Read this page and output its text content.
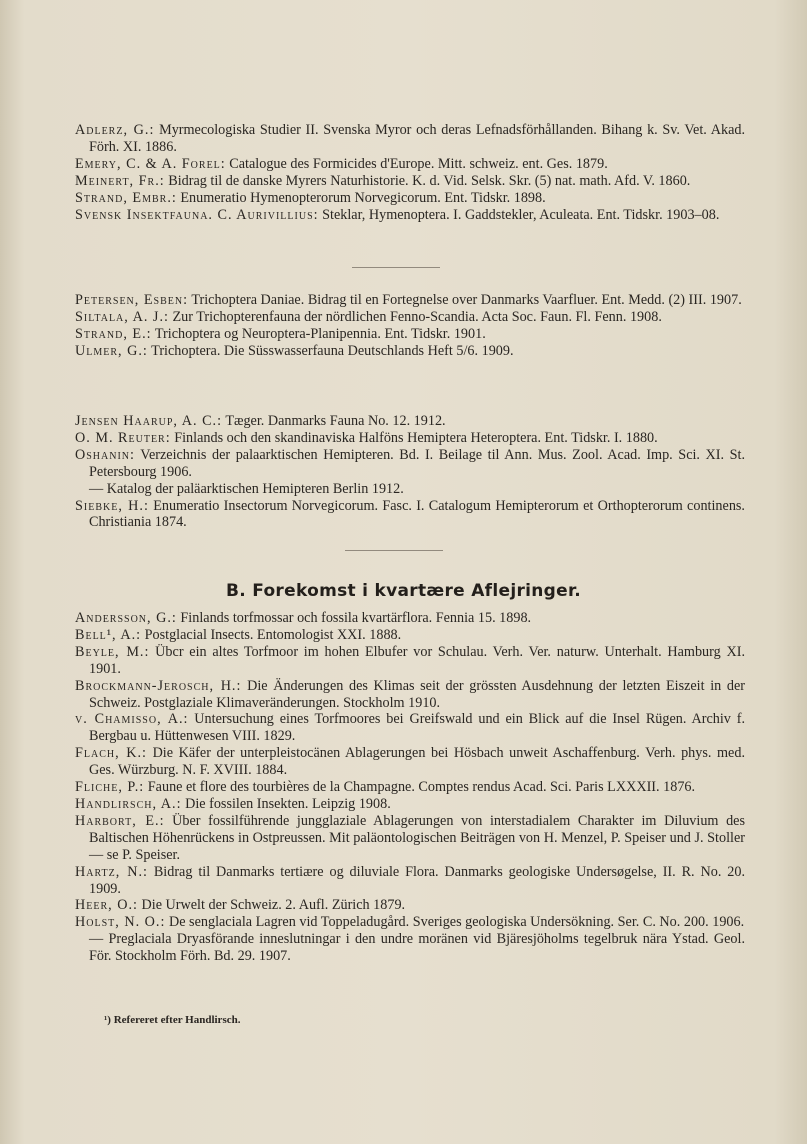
Adlerz, G.: Myrmecologiska Studier II. Svenska Myror och deras Lefnadsförhållanden. Bihang k. Sv. Vet. Akad. Förh. XI. 1886.

Emery, C. & A. Forel: Catalogue des Formicides d'Europe. Mitt. schweiz. ent. Ges. 1879.

Meinert, Fr.: Bidrag til de danske Myrers Naturhistorie. K. d. Vid. Selsk. Skr. (5) nat. math. Afd. V. 1860.

Strand, Embr.: Enumeratio Hymenopterorum Norvegicorum. Ent. Tidskr. 1898.

Svensk Insektfauna. C. Aurivillius: Steklar, Hymenoptera. I. Gaddstekler, Aculeata. Ent. Tidskr. 1903–08.

Petersen, Esben: Trichoptera Daniae. Bidrag til en Fortegnelse over Danmarks Vaarfluer. Ent. Medd. (2) III. 1907.

Siltala, A. J.: Zur Trichopterenfauna der nördlichen Fenno-Scandia. Acta Soc. Faun. Fl. Fenn. 1908.

Strand, E.: Trichoptera og Neuroptera-Planipennia. Ent. Tidskr. 1901.

Ulmer, G.: Trichoptera. Die Süsswasserfauna Deutschlands Heft 5/6. 1909.

Jensen Haarup, A. C.: Tæger. Danmarks Fauna No. 12. 1912.

O. M. Reuter: Finlands och den skandinaviska Halföns Hemiptera Heteroptera. Ent. Tidskr. I. 1880.

Oshanin: Verzeichnis der palaarktischen Hemipteren. Bd. I. Beilage til Ann. Mus. Zool. Acad. Imp. Sci. XI. St. Petersbourg 1906.

— Katalog der paläarktischen Hemipteren Berlin 1912.

Siebke, H.: Enumeratio Insectorum Norvegicorum. Fasc. I. Catalogum Hemipterorum et Orthopterorum continens. Christiania 1874.

B. Forekomst i kvartære Aflejringer.

Andersson, G.: Finlands torfmossar och fossila kvartärflora. Fennia 15. 1898.

Bell¹, A.: Postglacial Insects. Entomologist XXI. 1888.

Beyle, M.: Übcr ein altes Torfmoor im hohen Elbufer vor Schulau. Verh. Ver. naturw. Unterhalt. Hamburg XI. 1901.

Brockmann-Jerosch, H.: Die Änderungen des Klimas seit der grössten Ausdehnung der letzten Eiszeit in der Schweiz. Postglaziale Klimaveränderungen. Stockholm 1910.

v. Chamisso, A.: Untersuchung eines Torfmoores bei Greifswald und ein Blick auf die Insel Rügen. Archiv f. Bergbau u. Hüttenwesen VIII. 1829.

Flach, K.: Die Käfer der unterpleistocänen Ablagerungen bei Hösbach unweit Aschaffenburg. Verh. phys. med. Ges. Würzburg. N. F. XVIII. 1884.

Fliche, P.: Faune et flore des tourbières de la Champagne. Comptes rendus Acad. Sci. Paris LXXXII. 1876.

Handlirsch, A.: Die fossilen Insekten. Leipzig 1908.

Harbort, E.: Über fossilführende jungglaziale Ablagerungen von interstadialem Charakter im Diluvium des Baltischen Höhenrückens in Ostpreussen. Mit paläontologischen Beiträgen von H. Menzel, P. Speiser und J. Stoller — se P. Speiser.

Hartz, N.: Bidrag til Danmarks tertiære og diluviale Flora. Danmarks geologiske Undersøgelse, II. R. No. 20. 1909.

Heer, O.: Die Urwelt der Schweiz. 2. Aufl. Zürich 1879.

Holst, N. O.: De senglaciala Lagren vid Toppeladugård. Sveriges geologiska Undersökning. Ser. C. No. 200. 1906.

— Preglaciala Dryasförande inneslutningar i den undre moränen vid Bjäresjöholms tegelbruk nära Ystad. Geol. För. Stockholm Förh. Bd. 29. 1907.

¹) Refereret efter Handlirsch.
